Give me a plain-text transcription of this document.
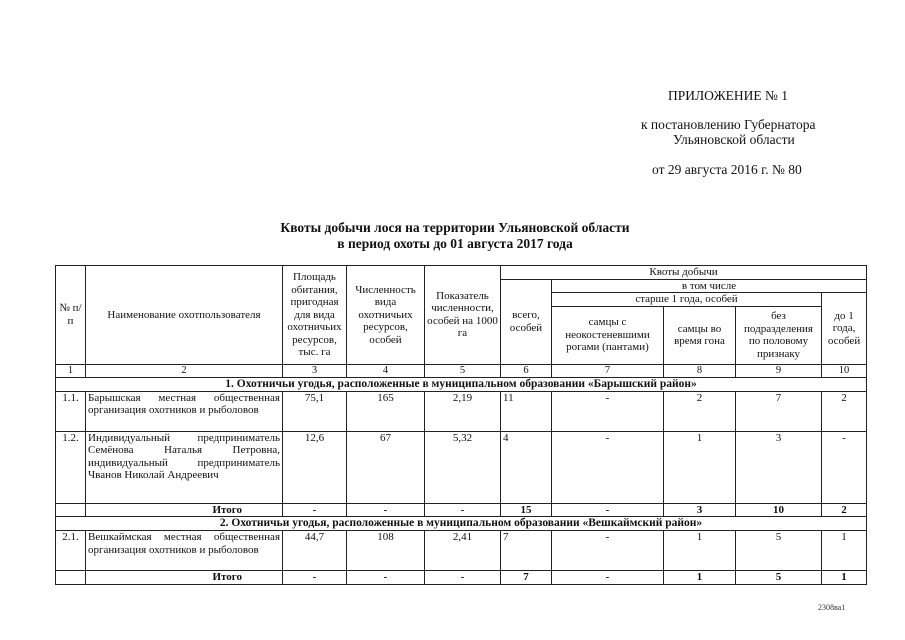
ПРИЛОЖЕНИЕ № 1
к постановлению Губернатора
Ульяновской области
от 29 августа 2016 г. № 80
Квоты добычи лося на территории Ульяновской области
в период охоты до 01 августа 2017 года
№ п/п	Наименование охотпользователя	Площадь обитания, пригодная для вида охотничьих ресурсов, тыс. га	Численность вида охотничьих ресурсов, особей	Показатель численности, особей на 1000 га	Квоты добычи				
					всего, особей	в том числе			
						старше 1 года, особей			до 1 года, особей
						самцы с неокостеневшими рогами (пантами)	самцы во время гона	без подразделения по половому признаку	
1	2	3	4	5	6	7	8	9	10
1. Охотничьи угодья, расположенные в муниципальном образовании «Барышский район»									
1.1.	Барышская местная общественная организация охотников и рыболовов	75,1	165	2,19	11	-	2	7	2
1.2.	Индивидуальный предприниматель Семёнова Наталья Петровна, индивидуальный предприниматель Чванов Николай Андреевич	12,6	67	5,32	4	-	1	3	-
	Итого	-	-	-	15	-	3	10	2
2. Охотничьи угодья, расположенные в муниципальном образовании «Вешкаймский район»									
2.1.	Вешкаймская местная общественная организация охотников и рыболовов	44,7	108	2,41	7	-	1	5	1
	Итого	-	-	-	7	-	1	5	1
2308ва1
